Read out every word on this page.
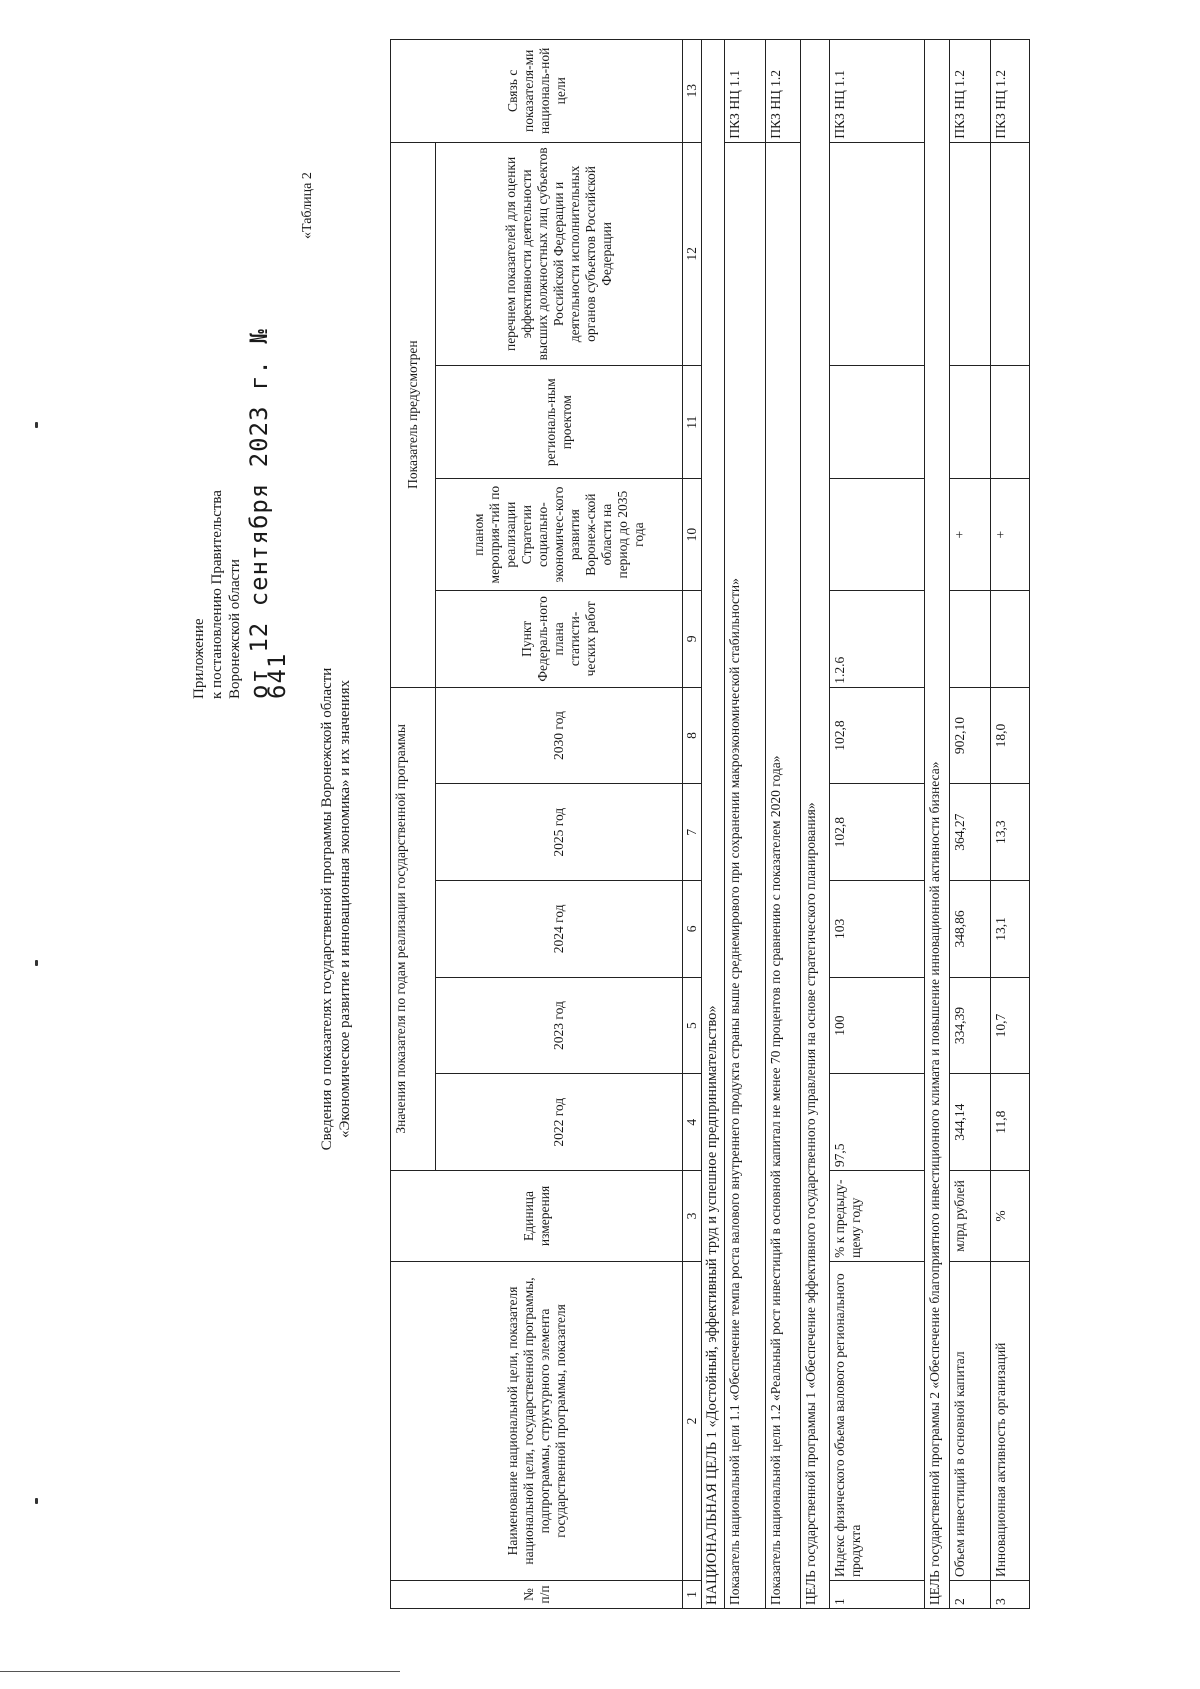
Приложение к постановлению Правительства Воронежской области от 12 сентября 2023 г. № 641
«Таблица 2
Сведения о показателях государственной программы Воронежской области «Экономическое развитие и инновационная экономика» и их значениях
№ п/п	Наименование национальной цели, показателя национальной цели, государственной программы, подпрограммы, структурного элемента государственной программы, показателя	Единица измерения	Значения показателя по годам реализации государственной программы					Показатель предусмотрен				Связь с показателя-ми националь-ной цели
			2022 год	2023 год	2024 год	2025 год	2030 год	Пункт Федераль-ного плана статисти-ческих работ	планом мероприя-тий по реализации Стратегии социально-экономичес-кого развития Воронеж-ской области на период до 2035 года	региональ-ным проектом	перечнем показателей для оценки эффективности деятельности высших должностных лиц субъектов Российской Федерации и деятельности исполнительных органов субъектов Российской Федерации	
1	2	3	4	5	6	7	8	9	10	11	12	13
НАЦИОНАЛЬНАЯ ЦЕЛЬ 1 «Достойный, эффективный труд и успешное предпринимательство»												
Показатель национальной цели 1.1 «Обеспечение темпа роста валового внутреннего продукта страны выше среднемирового при сохранении макроэкономической стабильности»												ПКЗ НЦ 1.1
Показатель национальной цели 1.2 «Реальный рост инвестиций в основной капитал не менее 70 процентов по сравнению с показателем 2020 года»												ПКЗ НЦ 1.2
ЦЕЛЬ государственной программы 1 «Обеспечение эффективного государственного управления на основе стратегического планирования»												
1	Индекс физического объема валового регионального продукта	% к предыду-щему году	97,5	100	103	102,8	102,8	1.2.6				ПКЗ НЦ 1.1
ЦЕЛЬ государственной программы 2 «Обеспечение благоприятного инвестиционного климата и повышение инновационной активности бизнеса»												
2	Объем инвестиций в основной капитал	млрд рублей	344,14	334,39	348,86	364,27	902,10		+			ПКЗ НЦ 1.2
3	Инновационная активность организаций	%	11,8	10,7	13,1	13,3	18,0		+			ПКЗ НЦ 1.2
